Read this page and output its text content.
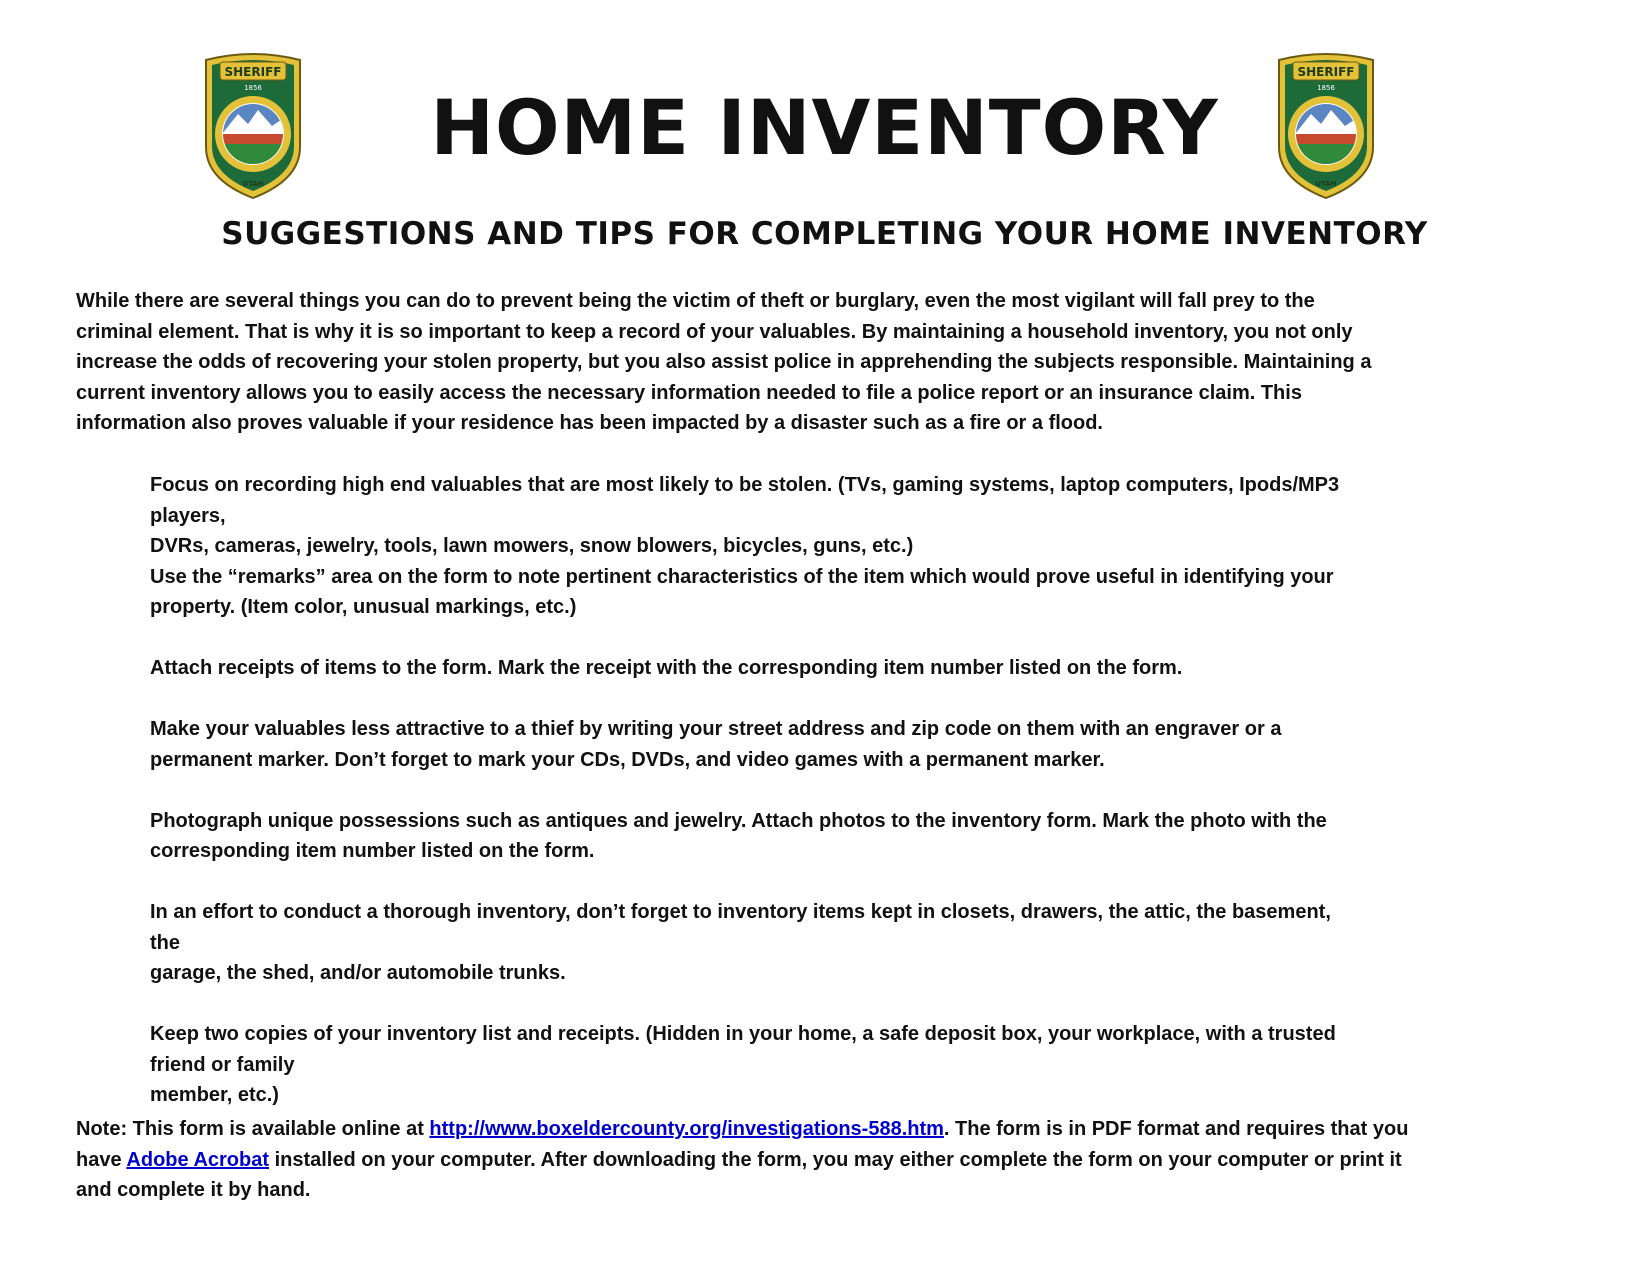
SHERIFF
1856
UTAH
SHERIFF
1856
UTAH
HOME INVENTORY
SUGGESTIONS AND TIPS FOR COMPLETING YOUR HOME INVENTORY
While there are several things you can do to prevent being the victim of theft or burglary, even the most vigilant will fall prey to the
criminal element. That is why it is so important to keep a record of your valuables. By maintaining a household inventory, you not only
increase the odds of recovering your stolen property, but you also assist police in apprehending the subjects responsible. Maintaining a
current inventory allows you to easily access the necessary information needed to file a police report or an insurance claim. This
information also proves valuable if your residence has been impacted by a disaster such as a fire or a flood.
Focus on recording high end valuables that are most likely to be stolen. (TVs, gaming systems, laptop computers, Ipods/MP3
players,
DVRs, cameras, jewelry, tools, lawn mowers, snow blowers, bicycles, guns, etc.)
Use the “remarks” area on the form to note pertinent characteristics of the item which would prove useful in identifying your
property. (Item color, unusual markings, etc.)
Attach receipts of items to the form. Mark the receipt with the corresponding item number listed on the form.
Make your valuables less attractive to a thief by writing your street address and zip code on them with an engraver or a
permanent marker. Don’t forget to mark your CDs, DVDs, and video games with a permanent marker.
Photograph unique possessions such as antiques and jewelry. Attach photos to the inventory form. Mark the photo with the
corresponding item number listed on the form.
In an effort to conduct a thorough inventory, don’t forget to inventory items kept in closets, drawers, the attic, the basement,
the
garage, the shed, and/or automobile trunks.
Keep two copies of your inventory list and receipts. (Hidden in your home, a safe deposit box, your workplace, with a trusted
friend or family
member, etc.)
Note: This form is available online at http://www.boxeldercounty.org/investigations-588.htm. The form is in PDF format and requires that you
have Adobe Acrobat installed on your computer. After downloading the form, you may either complete the form on your computer or print it
and complete it by hand.
